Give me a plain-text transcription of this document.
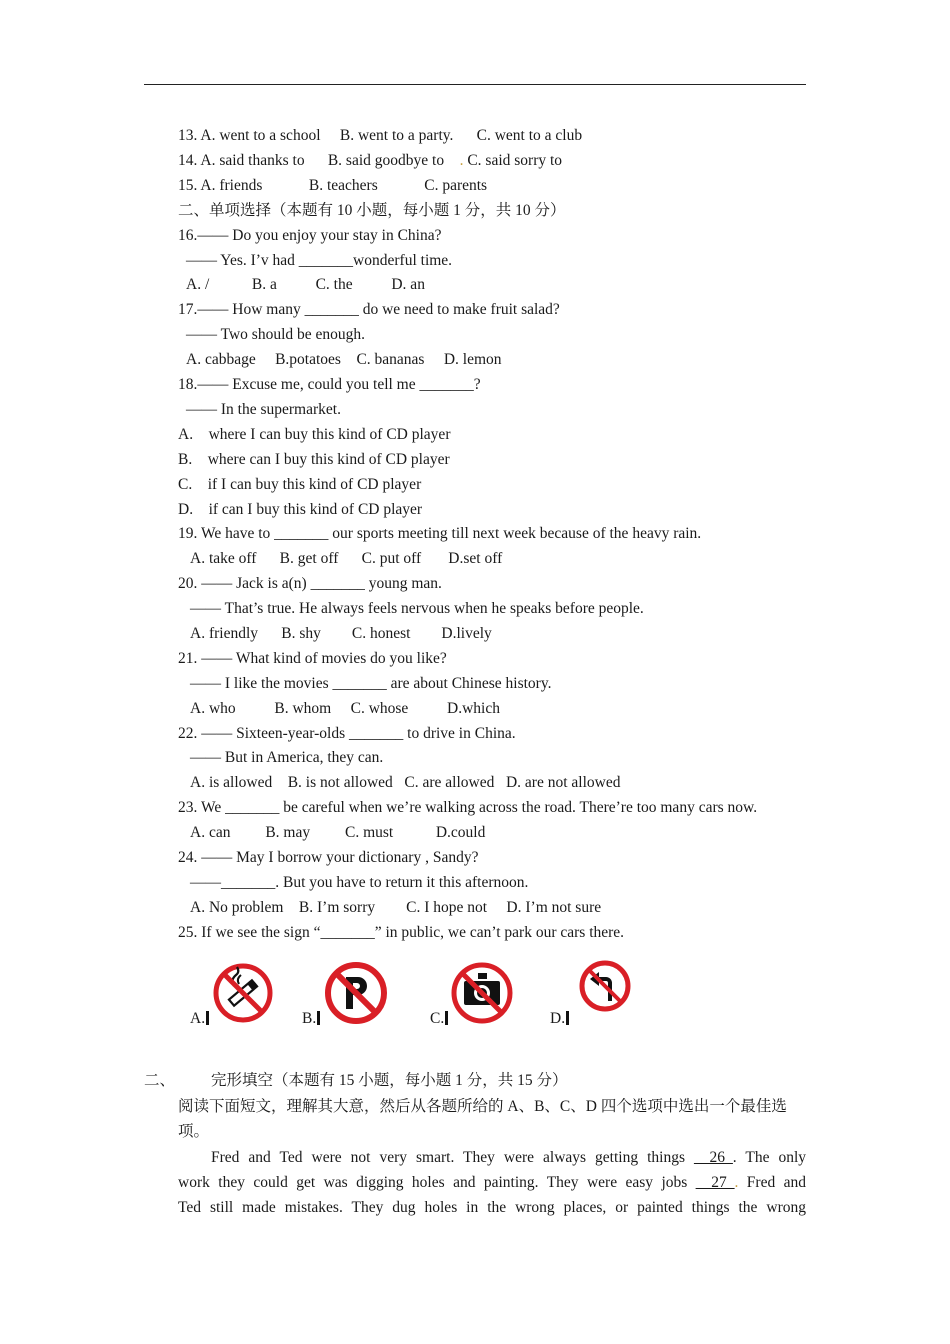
13. A. went to a school     B. went to a party.      C. went to a club
14. A. said thanks to      B. said goodbye to . C. said sorry to
15. A. friends            B. teachers            C. parents
二、单项选择（本题有 10 小题，每小题 1 分，共 10 分）
16.—— Do you enjoy your stay in China?
—— Yes. I’v had _______wonderful time.
A. /           B. a          C. the          D. an
17.—— How many _______ do we need to make fruit salad?
—— Two should be enough.
A. cabbage     B.potatoes    C. bananas     D. lemon
18.—— Excuse me, could you tell me _______?
—— In the supermarket.
A.    where I can buy this kind of CD player
B.    where can I buy this kind of CD player
C.    if I can buy this kind of CD player
D.    if can I buy this kind of CD player
19. We have to _______ our sports meeting till next week because of the heavy rain.
A. take off      B. get off      C. put off       D.set off
20. —— Jack is a(n) _______ young man.
—— That’s true. He always feels nervous when he speaks before people.
A. friendly      B. shy        C. honest        D.lively
21. —— What kind of movies do you like?
—— I like the movies _______ are about Chinese history.
A. who          B. whom     C. whose          D.which
22. —— Sixteen-year-olds _______ to drive in China.
—— But in America, they can.
A. is allowed    B. is not allowed   C. are allowed   D. are not allowed
23. We _______ be careful when we’re walking across the road. There’re too many cars now.
A. can         B. may         C. must           D.could
24. —— May I borrow your dictionary , Sandy?
——_______. But you have to return it this afternoon.
A. No problem    B. I’m sorry        C. I hope not     D. I’m not sure
25. If we see the sign “_______” in public, we can’t park our cars there.
A.	B.	C.	D.
二、 完形填空（本题有 15 小题，每小题 1 分，共 15 分）
阅读下面短文，理解其大意，然后从各题所给的 A、B、C、D 四个选项中选出一个最佳选
项。
Fred and Ted were not very smart. They were always getting things __26_. The only
work they could get was digging holes and painting. They were easy jobs __27_. Fred and
Ted still made mistakes. They dug holes in the wrong places, or painted things the wrong
